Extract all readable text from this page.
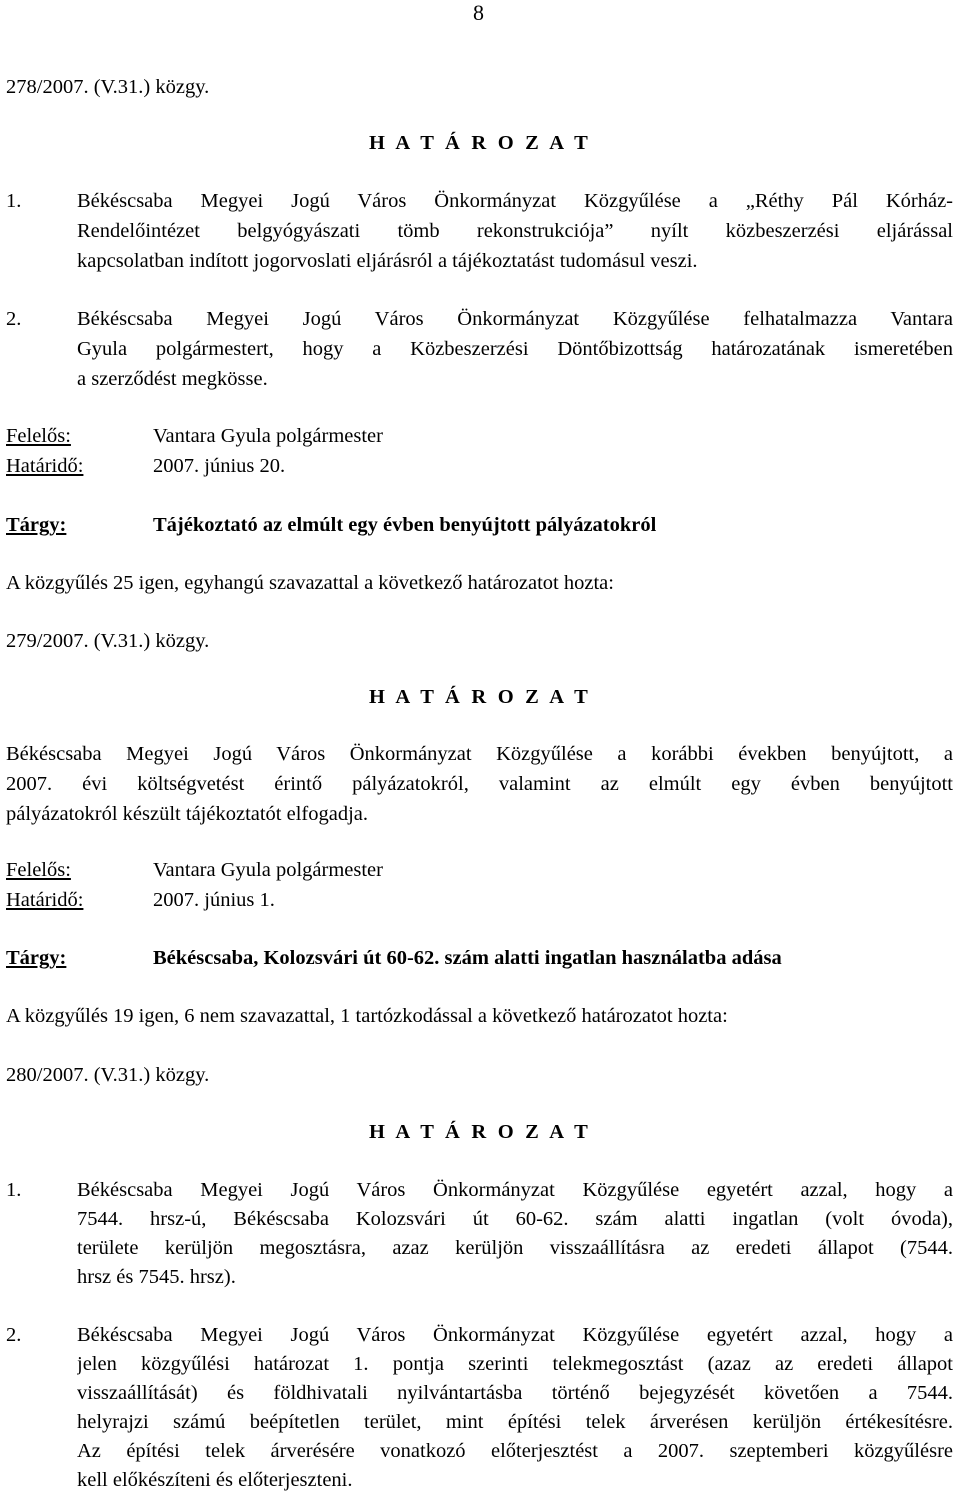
8
278/2007. (V.31.) közgy.
H A T Á R O Z A T
1.	Békéscsaba Megyei Jogú Város Önkormányzat Közgyűlése a „Réthy Pál Kórház-
Rendelőintézet belgyógyászati tömb rekonstrukciója” nyílt közbeszerzési eljárással
kapcsolatban indított jogorvoslati eljárásról a tájékoztatást tudomásul veszi.
2.	Békéscsaba Megyei Jogú Város Önkormányzat Közgyűlése felhatalmazza Vantara
Gyula polgármestert, hogy a Közbeszerzési Döntőbizottság határozatának ismeretében
a szerződést megkösse.
Felelős:	Vantara Gyula polgármester
Határidő:	2007. június 20.
Tárgy:	Tájékoztató az elmúlt egy évben benyújtott pályázatokról
A közgyűlés 25 igen, egyhangú szavazattal a következő határozatot hozta:
279/2007. (V.31.) közgy.
H A T Á R O Z A T
Békéscsaba Megyei Jogú Város Önkormányzat Közgyűlése a korábbi években benyújtott, a
2007. évi költségvetést érintő pályázatokról, valamint az elmúlt egy évben benyújtott
pályázatokról készült tájékoztatót elfogadja.
Felelős:	Vantara Gyula polgármester
Határidő:	2007. június 1.
Tárgy:	Békéscsaba, Kolozsvári út 60-62. szám alatti ingatlan használatba adása
A közgyűlés 19 igen, 6 nem szavazattal, 1 tartózkodással a következő határozatot hozta:
280/2007. (V.31.) közgy.
H A T Á R O Z A T
1.	Békéscsaba Megyei Jogú Város Önkormányzat Közgyűlése egyetért azzal, hogy a
7544. hrsz-ú, Békéscsaba Kolozsvári út 60-62. szám alatti ingatlan (volt óvoda),
területe kerüljön megosztásra, azaz kerüljön visszaállításra az eredeti állapot (7544.
hrsz és 7545. hrsz).
2.	Békéscsaba Megyei Jogú Város Önkormányzat Közgyűlése egyetért azzal, hogy a
jelen közgyűlési határozat 1. pontja szerinti telekmegosztást (azaz az eredeti állapot
visszaállítását) és földhivatali nyilvántartásba történő bejegyzését követően a 7544.
helyrajzi számú beépítetlen terület, mint építési telek árverésen kerüljön értékesítésre.
Az építési telek árverésére vonatkozó előterjesztést a 2007. szeptemberi közgyűlésre
kell előkészíteni és előterjeszteni.
